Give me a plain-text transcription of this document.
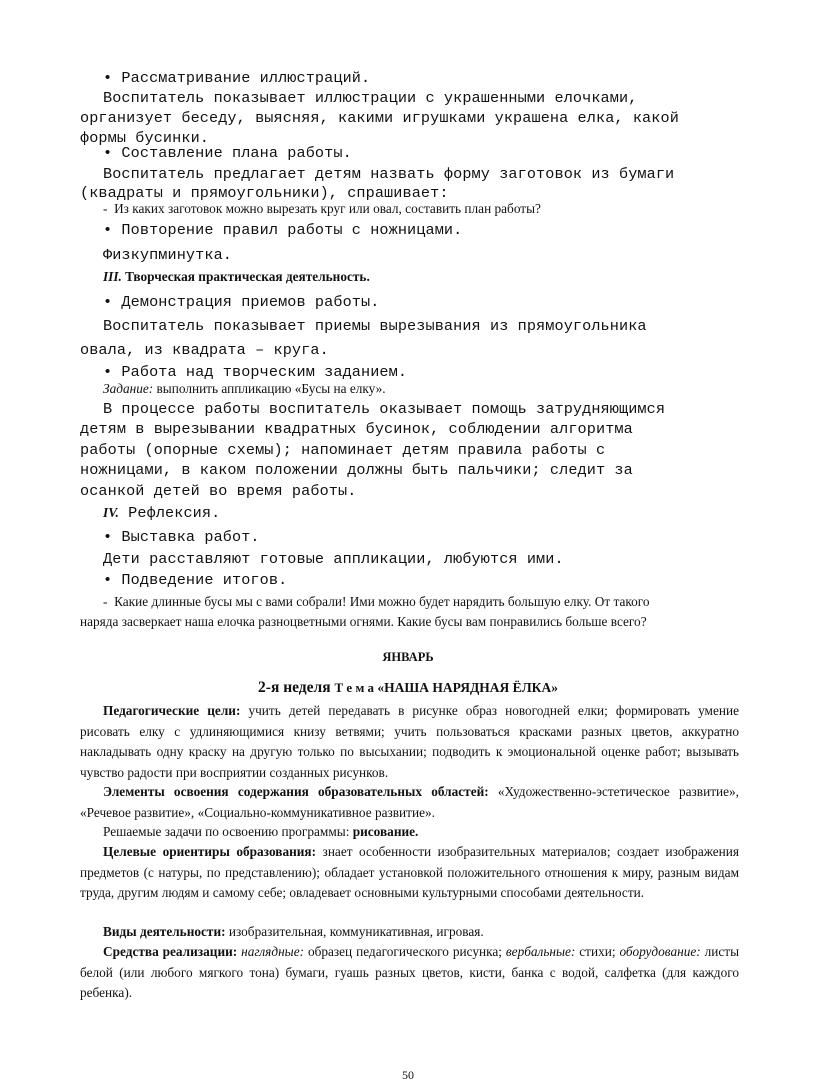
• Рассматривание иллюстраций.

Воспитатель показывает иллюстрации с украшенными елочками,

организует беседу, выясняя, какими игрушками украшена елка, какой

формы бусинки.

• Составление плана работы.

Воспитатель предлагает детям назвать форму заготовок из бумаги

(квадраты и прямоугольники), спрашивает:

-  Из каких заготовок можно вырезать круг или овал, составить план работы?

• Повторение правил работы с ножницами.

Физкупминутка.

III. Творческая практическая деятельность.

• Демонстрация приемов работы.

Воспитатель показывает приемы вырезывания из прямоугольника

овала, из квадрата – круга.

• Работа над творческим заданием.

Задание: выполнить аппликацию «Бусы на елку».

В процессе работы воспитатель оказывает помощь затрудняющимся

детям в вырезывании квадратных бусинок, соблюдении алгоритма

работы (опорные схемы); напоминает детям правила работы с

ножницами, в каком положении должны быть пальчики; следит за

осанкой детей во время работы.

IV. Рефлексия.

• Выставка работ.

Дети расставляют готовые аппликации, любуются ими.

• Подведение итогов.

-  Какие длинные бусы мы с вами собрали! Ими можно будет нарядить большую елку. От такого

наряда засверкает наша елочка разноцветными огнями. Какие бусы вам понравились больше всего?

ЯНВАРЬ

2-я неделя Т е м а «НАША НАРЯДНАЯ ЁЛКА»

Педагогические цели: учить детей передавать в рисунке образ новогодней елки; формировать умение рисовать елку с удлиняющимися книзу ветвями; учить пользоваться красками разных цветов, аккуратно накладывать одну краску на другую только по высыхании; подводить к эмоциональной оценке работ; вызывать чувство радости при восприятии созданных рисунков.

Элементы освоения содержания образовательных областей: «Художественно-эстетическое развитие», «Речевое развитие», «Социально-коммуникативное развитие».

Решаемые задачи по освоению программы: рисование.

Целевые ориентиры образования: знает особенности изобразительных материалов; создает изображения предметов (с натуры, по представлению); обладает установкой положительного отношения к миру, разным видам труда, другим людям и самому себе; овладевает основными культурными способами деятельности.

Виды деятельности: изобразительная, коммуникативная, игровая.

Средства реализации: наглядные: образец педагогического рисунка; вербальные: стихи; оборудование: листы белой (или любого мягкого тона) бумаги, гуашь разных цветов, кисти, банка с водой, салфетка (для каждого ребенка).

50
